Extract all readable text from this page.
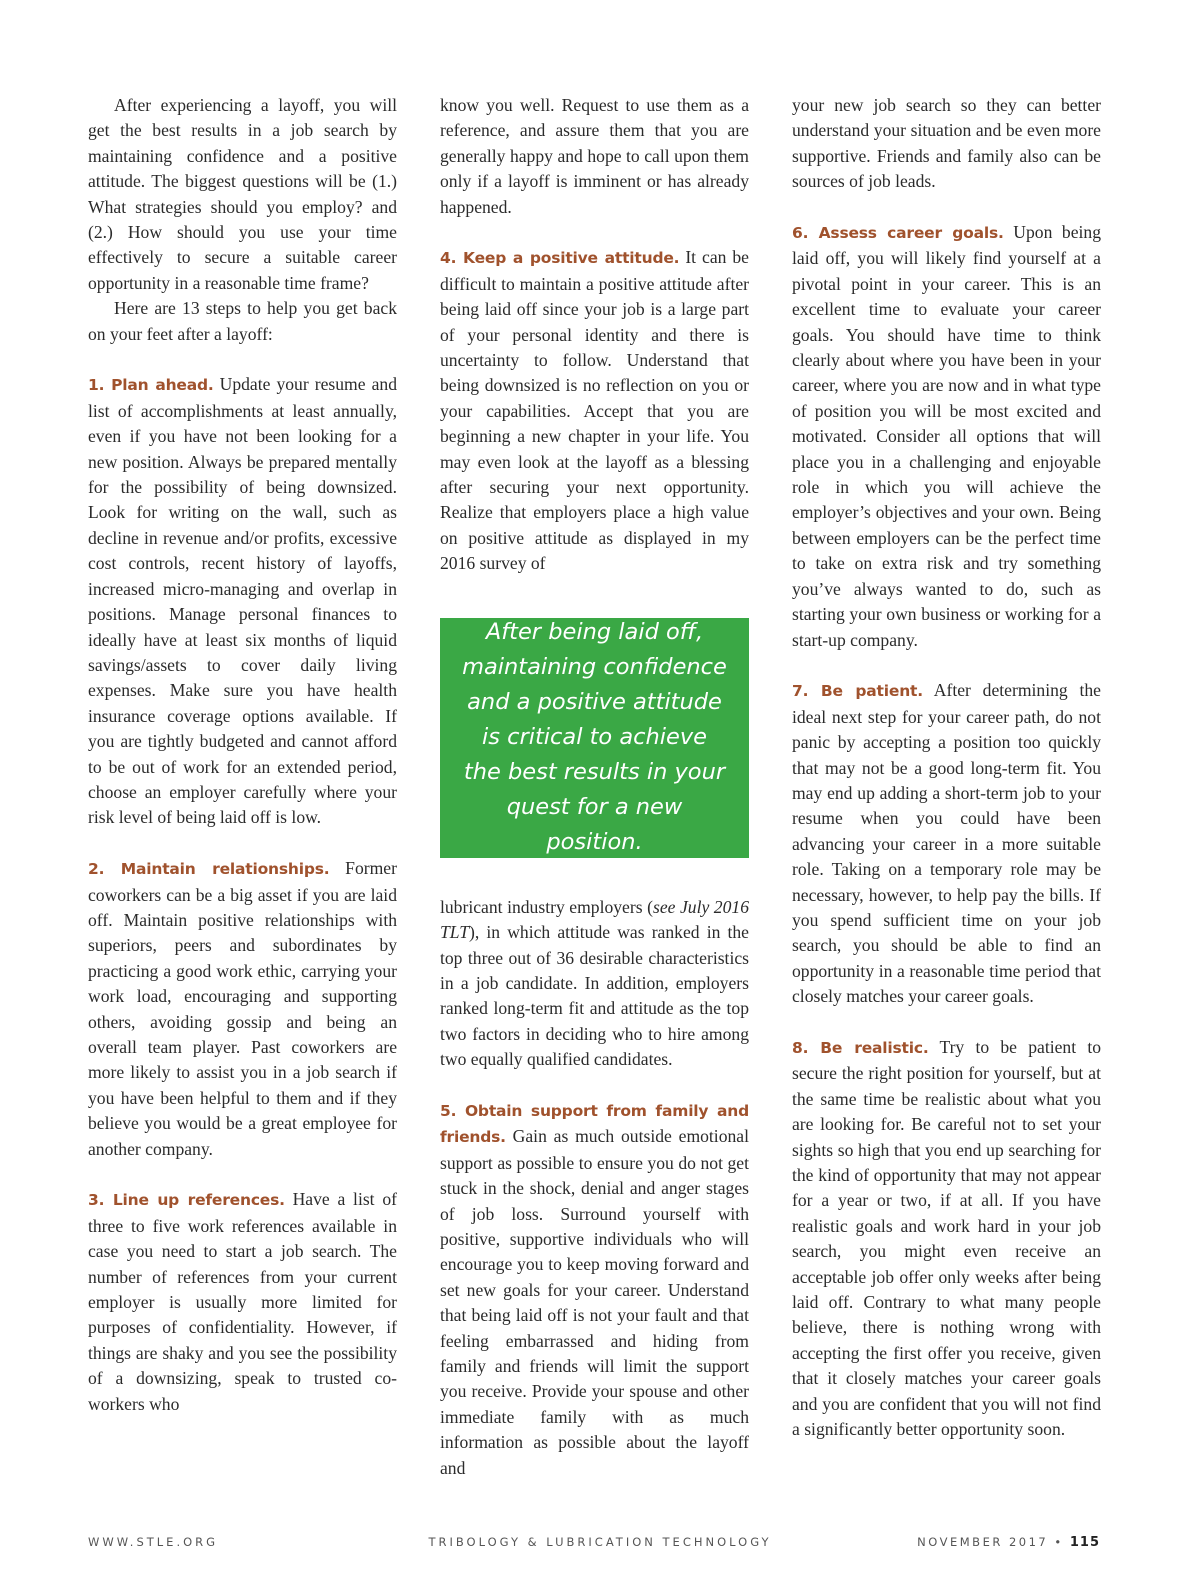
After experiencing a layoff, you will get the best results in a job search by maintaining confidence and a positive attitude. The biggest questions will be (1.) What strategies should you employ? and (2.) How should you use your time effectively to secure a suitable career opportunity in a reasonable time frame?

Here are 13 steps to help you get back on your feet after a layoff:

1. Plan ahead. Update your resume and list of accomplishments at least annually, even if you have not been looking for a new position. Always be prepared mentally for the possibility of being downsized. Look for writing on the wall, such as decline in revenue and/or profits, excessive cost controls, recent history of layoffs, increased micro-managing and overlap in positions. Manage personal finances to ideally have at least six months of liquid savings/assets to cover daily living expenses. Make sure you have health insurance coverage options available. If you are tightly budgeted and cannot afford to be out of work for an extended period, choose an employer carefully where your risk level of being laid off is low.

2. Maintain relationships. Former coworkers can be a big asset if you are laid off. Maintain positive relationships with superiors, peers and subordinates by practicing a good work ethic, carrying your work load, encouraging and supporting others, avoiding gossip and being an overall team player. Past coworkers are more likely to assist you in a job search if you have been helpful to them and if they believe you would be a great employee for another company.

3. Line up references. Have a list of three to five work references available in case you need to start a job search. The number of references from your current employer is usually more limited for purposes of confidentiality. However, if things are shaky and you see the possibility of a downsizing, speak to trusted co-workers who

know you well. Request to use them as a reference, and assure them that you are generally happy and hope to call upon them only if a layoff is imminent or has already happened.

4. Keep a positive attitude. It can be difficult to maintain a positive attitude after being laid off since your job is a large part of your personal identity and there is uncertainty to follow. Understand that being downsized is no reflection on you or your capabilities. Accept that you are beginning a new chapter in your life. You may even look at the layoff as a blessing after securing your next opportunity. Realize that employers place a high value on positive attitude as displayed in my 2016 survey of

After being laid off, maintaining confidence and a positive attitude is critical to achieve the best results in your quest for a new position.

lubricant industry employers (see July 2016 TLT), in which attitude was ranked in the top three out of 36 desirable characteristics in a job candidate. In addition, employers ranked long-term fit and attitude as the top two factors in deciding who to hire among two equally qualified candidates.

5. Obtain support from family and friends. Gain as much outside emotional support as possible to ensure you do not get stuck in the shock, denial and anger stages of job loss. Surround yourself with positive, supportive individuals who will encourage you to keep moving forward and set new goals for your career. Understand that being laid off is not your fault and that feeling embarrassed and hiding from family and friends will limit the support you receive. Provide your spouse and other immediate family with as much information as possible about the layoff and

your new job search so they can better understand your situation and be even more supportive. Friends and family also can be sources of job leads.

6. Assess career goals. Upon being laid off, you will likely find yourself at a pivotal point in your career. This is an excellent time to evaluate your career goals. You should have time to think clearly about where you have been in your career, where you are now and in what type of position you will be most excited and motivated. Consider all options that will place you in a challenging and enjoyable role in which you will achieve the employer’s objectives and your own. Being between employers can be the perfect time to take on extra risk and try something you’ve always wanted to do, such as starting your own business or working for a start-up company.

7. Be patient. After determining the ideal next step for your career path, do not panic by accepting a position too quickly that may not be a good long-term fit. You may end up adding a short-term job to your resume when you could have been advancing your career in a more suitable role. Taking on a temporary role may be necessary, however, to help pay the bills. If you spend sufficient time on your job search, you should be able to find an opportunity in a reasonable time period that closely matches your career goals.

8. Be realistic. Try to be patient to secure the right position for yourself, but at the same time be realistic about what you are looking for. Be careful not to set your sights so high that you end up searching for the kind of opportunity that may not appear for a year or two, if at all. If you have realistic goals and work hard in your job search, you might even receive an acceptable job offer only weeks after being laid off. Contrary to what many people believe, there is nothing wrong with accepting the first offer you receive, given that it closely matches your career goals and you are confident that you will not find a significantly better opportunity soon.

WWW.STLE.ORG	TRIBOLOGY & LUBRICATION TECHNOLOGY	NOVEMBER 2017 • 115
